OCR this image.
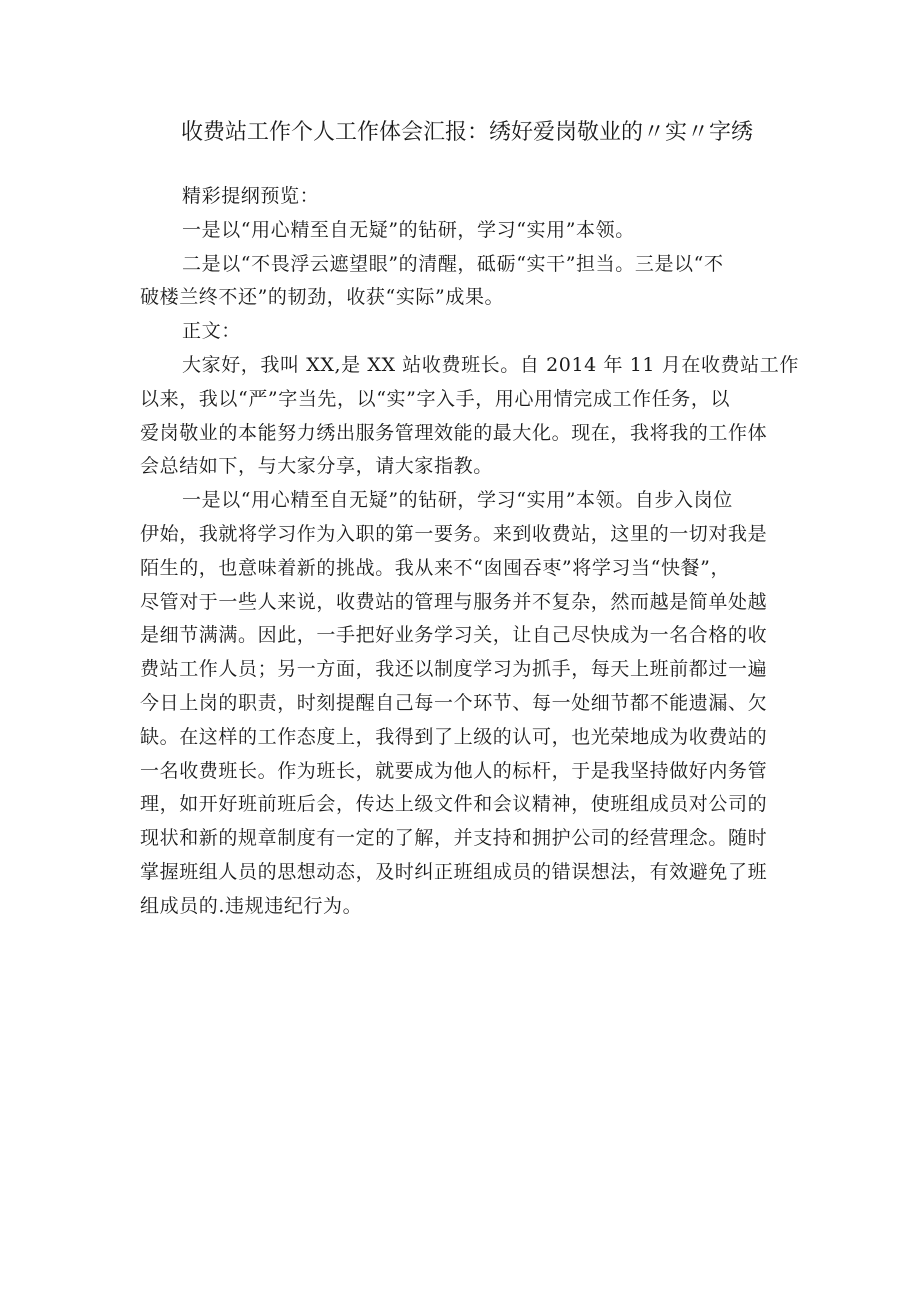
收费站工作个人工作体会汇报：绣好爱岗敬业的〃实〃字绣
精彩提纲预览：
一是以“用心精至自无疑”的钻研，学习“实用”本领。
二是以“不畏浮云遮望眼”的清醒，砥砺“实干”担当。三是以“不
破楼兰终不还”的韧劲，收获“实际”成果。
正文：
大家好，我叫 XX,是 XX 站收费班长。自 2014 年 11 月在收费站工作
以来，我以“严”字当先，以“实”字入手，用心用情完成工作任务，以
爱岗敬业的本能努力绣出服务管理效能的最大化。现在，我将我的工作体
会总结如下，与大家分享，请大家指教。
一是以“用心精至自无疑”的钻研，学习“实用”本领。自步入岗位
伊始，我就将学习作为入职的第一要务。来到收费站，这里的一切对我是
陌生的，也意味着新的挑战。我从来不“囱囤吞枣”将学习当“快餐”，
尽管对于一些人来说，收费站的管理与服务并不复杂，然而越是简单处越
是细节满满。因此，一手把好业务学习关，让自己尽快成为一名合格的收
费站工作人员；另一方面，我还以制度学习为抓手，每天上班前都过一遍
今日上岗的职责，时刻提醒自己每一个环节、每一处细节都不能遗漏、欠
缺。在这样的工作态度上，我得到了上级的认可，也光荣地成为收费站的
一名收费班长。作为班长，就要成为他人的标杆，于是我坚持做好内务管
理，如开好班前班后会，传达上级文件和会议精神，使班组成员对公司的
现状和新的规章制度有一定的了解，并支持和拥护公司的经营理念。随时
掌握班组人员的思想动态，及时纠正班组成员的错误想法，有效避免了班
组成员的.违规违纪行为。
